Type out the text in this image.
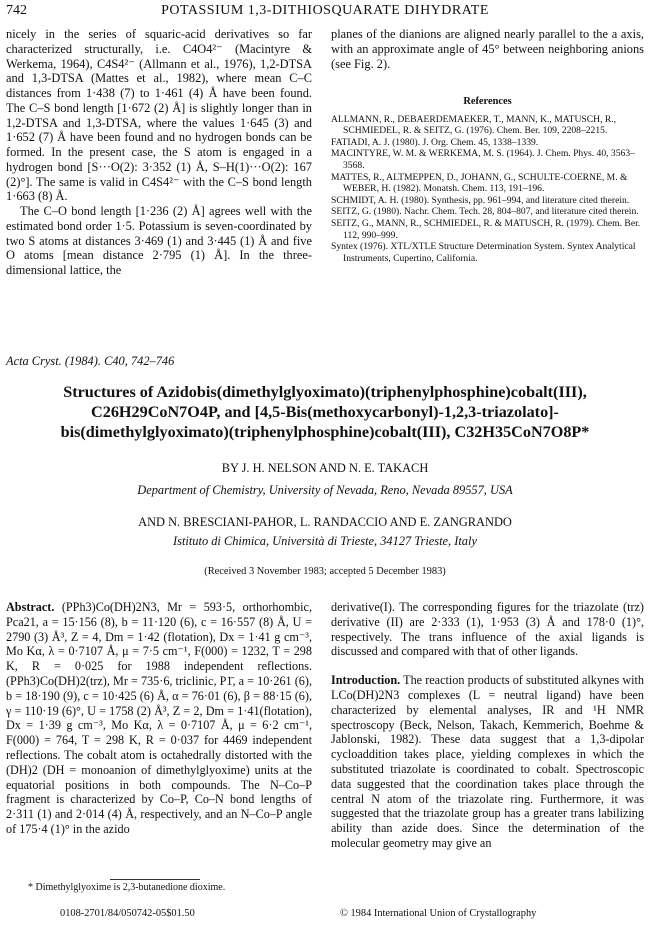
742	POTASSIUM 1,3-DITHIOSQUARATE DIHYDRATE

nicely in the series of squaric-acid derivatives so far characterized structurally, i.e. C4O4²⁻ (Macintyre & Werkema, 1964), C4S4²⁻ (Allmann et al., 1976), 1,2-DTSA and 1,3-DTSA (Mattes et al., 1982), where mean C–C distances from 1·438 (7) to 1·461 (4) Å have been found. The C–S bond length [1·672 (2) Å] is slightly longer than in 1,2-DTSA and 1,3-DTSA, where the values 1·645 (3) and 1·652 (7) Å have been found and no hydrogen bonds can be formed. In the present case, the S atom is engaged in a hydrogen bond [S···O(2): 3·352 (1) Å, S–H(1)···O(2): 167 (2)°]. The same is valid in C4S4²⁻ with the C–S bond length 1·663 (8) Å.

The C–O bond length [1·236 (2) Å] agrees well with the estimated bond order 1·5. Potassium is seven-coordinated by two S atoms at distances 3·469 (1) and 3·445 (1) Å and five O atoms [mean distance 2·795 (1) Å]. In the three-dimensional lattice, the

planes of the dianions are aligned nearly parallel to the a axis, with an approximate angle of 45° between neighboring anions (see Fig. 2).

References

ALLMANN, R., DEBAERDEMAEKER, T., MANN, K., MATUSCH, R., SCHMIEDEL, R. & SEITZ, G. (1976). Chem. Ber. 109, 2208–2215.

FATIADI, A. J. (1980). J. Org. Chem. 45, 1338–1339.

MACINTYRE, W. M. & WERKEMA, M. S. (1964). J. Chem. Phys. 40, 3563–3568.

MATTES, R., ALTMEPPEN, D., JOHANN, G., SCHULTE-COERNE, M. & WEBER, H. (1982). Monatsh. Chem. 113, 191–196.

SCHMIDT, A. H. (1980). Synthesis, pp. 961–994, and literature cited therein.

SEITZ, G. (1980). Nachr. Chem. Tech. 28, 804–807, and literature cited therein.

SEITZ, G., MANN, R., SCHMIEDEL, R. & MATUSCH, R. (1979). Chem. Ber. 112, 990–999.

Syntex (1976). XTL/XTLE Structure Determination System. Syntex Analytical Instruments, Cupertino, California.

Acta Cryst. (1984). C40, 742–746
Structures of Azidobis(dimethylglyoximato)(triphenylphosphine)cobalt(III),
C26H29CoN7O4P, and [4,5-Bis(methoxycarbonyl)-1,2,3-triazolato]-
bis(dimethylglyoximato)(triphenylphosphine)cobalt(III), C32H35CoN7O8P*
BY J. H. NELSON AND N. E. TAKACH
Department of Chemistry, University of Nevada, Reno, Nevada 89557, USA
AND N. BRESCIANI-PAHOR, L. RANDACCIO AND E. ZANGRANDO
Istituto di Chimica, Università di Trieste, 34127 Trieste, Italy
(Received 3 November 1983; accepted 5 December 1983)

Abstract. (PPh3)Co(DH)2N3, Mr = 593·5, orthorhombic, Pca21, a = 15·156 (8), b = 11·120 (6), c = 16·557 (8) Å, U = 2790 (3) Å³, Z = 4, Dm = 1·42 (flotation), Dx = 1·41 g cm⁻³, Mo Kα, λ = 0·7107 Å, μ = 7·5 cm⁻¹, F(000) = 1232, T = 298 K, R = 0·025 for 1988 independent reflections. (PPh3)Co(DH)2(trz), Mr = 735·6, triclinic, P1̄, a = 10·261 (6), b = 18·190 (9), c = 10·425 (6) Å, α = 76·01 (6), β = 88·15 (6), γ = 110·19 (6)°, U = 1758 (2) Å³, Z = 2, Dm = 1·41(flotation), Dx = 1·39 g cm⁻³, Mo Kα, λ = 0·7107 Å, μ = 6·2 cm⁻¹, F(000) = 764, T = 298 K, R = 0·037 for 4469 independent reflections. The cobalt atom is octahedrally distorted with the (DH)2 (DH = monoanion of dimethylglyoxime) units at the equatorial positions in both compounds. The N–Co–P fragment is characterized by Co–P, Co–N bond lengths of 2·311 (1) and 2·014 (4) Å, respectively, and an N–Co–P angle of 175·4 (1)° in the azido

* Dimethylglyoxime is 2,3-butanedione dioxime.

derivative(I). The corresponding figures for the triazolate (trz) derivative (II) are 2·333 (1), 1·953 (3) Å and 178·0 (1)°, respectively. The trans influence of the axial ligands is discussed and compared with that of other ligands.

Introduction. The reaction products of substituted alkynes with LCo(DH)2N3 complexes (L = neutral ligand) have been characterized by elemental analyses, IR and ¹H NMR spectroscopy (Beck, Nelson, Takach, Kemmerich, Boehme & Jablonski, 1982). These data suggest that a 1,3-dipolar cycloaddition takes place, yielding complexes in which the substituted triazolate is coordinated to cobalt. Spectroscopic data suggested that the coordination takes place through the central N atom of the triazolate ring. Furthermore, it was suggested that the triazolate group has a greater trans labilizing ability than azide does. Since the determination of the molecular geometry may give an

0108-2701/84/050742-05$01.50	© 1984 International Union of Crystallography
